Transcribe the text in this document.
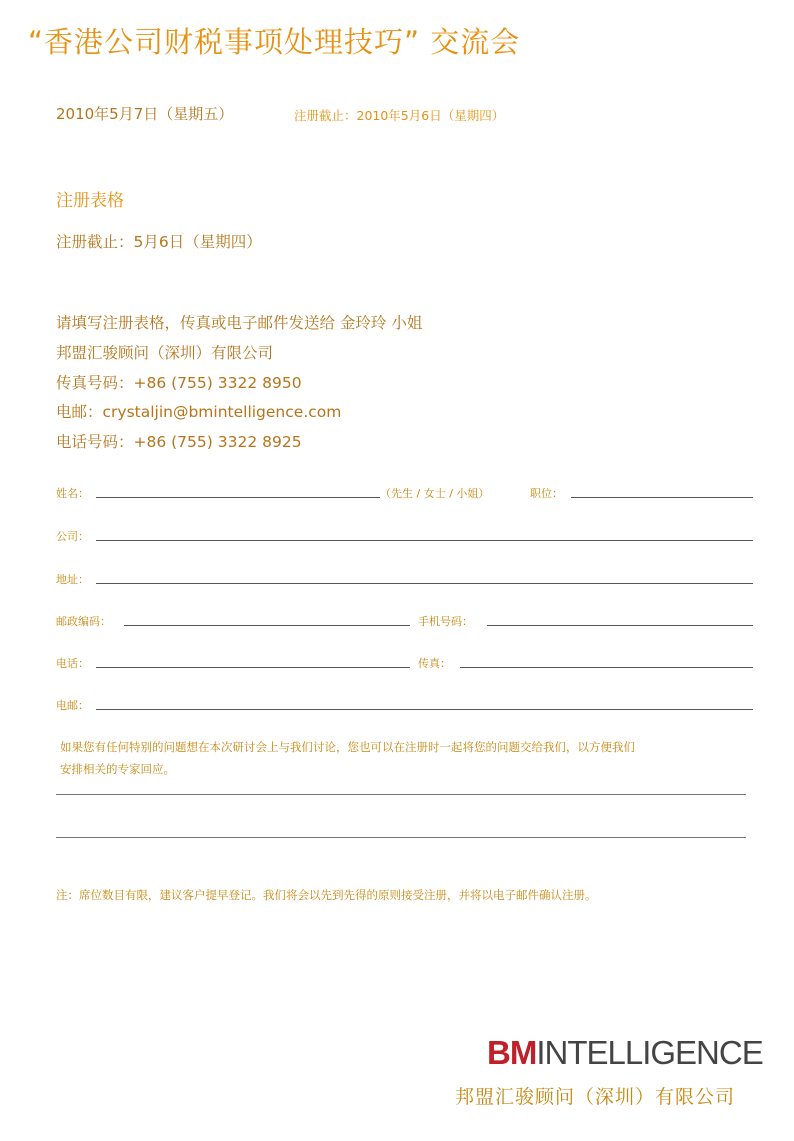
“香港公司财税事项处理技巧” 交流会
2010年5月7日（星期五）	注册截止：2010年5月6日（星期四）
注册表格
注册截止：5月6日（星期四）
请填写注册表格，传真或电子邮件发送给 金玲玲 小姐
邦盟汇骏顾问（深圳）有限公司
传真号码：+86 (755) 3322 8950
电邮：crystaljin@bmintelligence.com
电话号码：+86 (755) 3322 8925
姓名：	（先生 / 女士 / 小姐）	职位：
公司：
地址：
邮政编码：	手机号码：
电话：	传真：
电邮：
如果您有任何特别的问题想在本次研讨会上与我们讨论，您也可以在注册时一起将您的问题交给我们，以方便我们
安排相关的专家回应。
注：席位数目有限，建议客户提早登记。我们将会以先到先得的原则接受注册，并将以电子邮件确认注册。
BMINTELLIGENCE
邦盟汇骏顾问（深圳）有限公司
